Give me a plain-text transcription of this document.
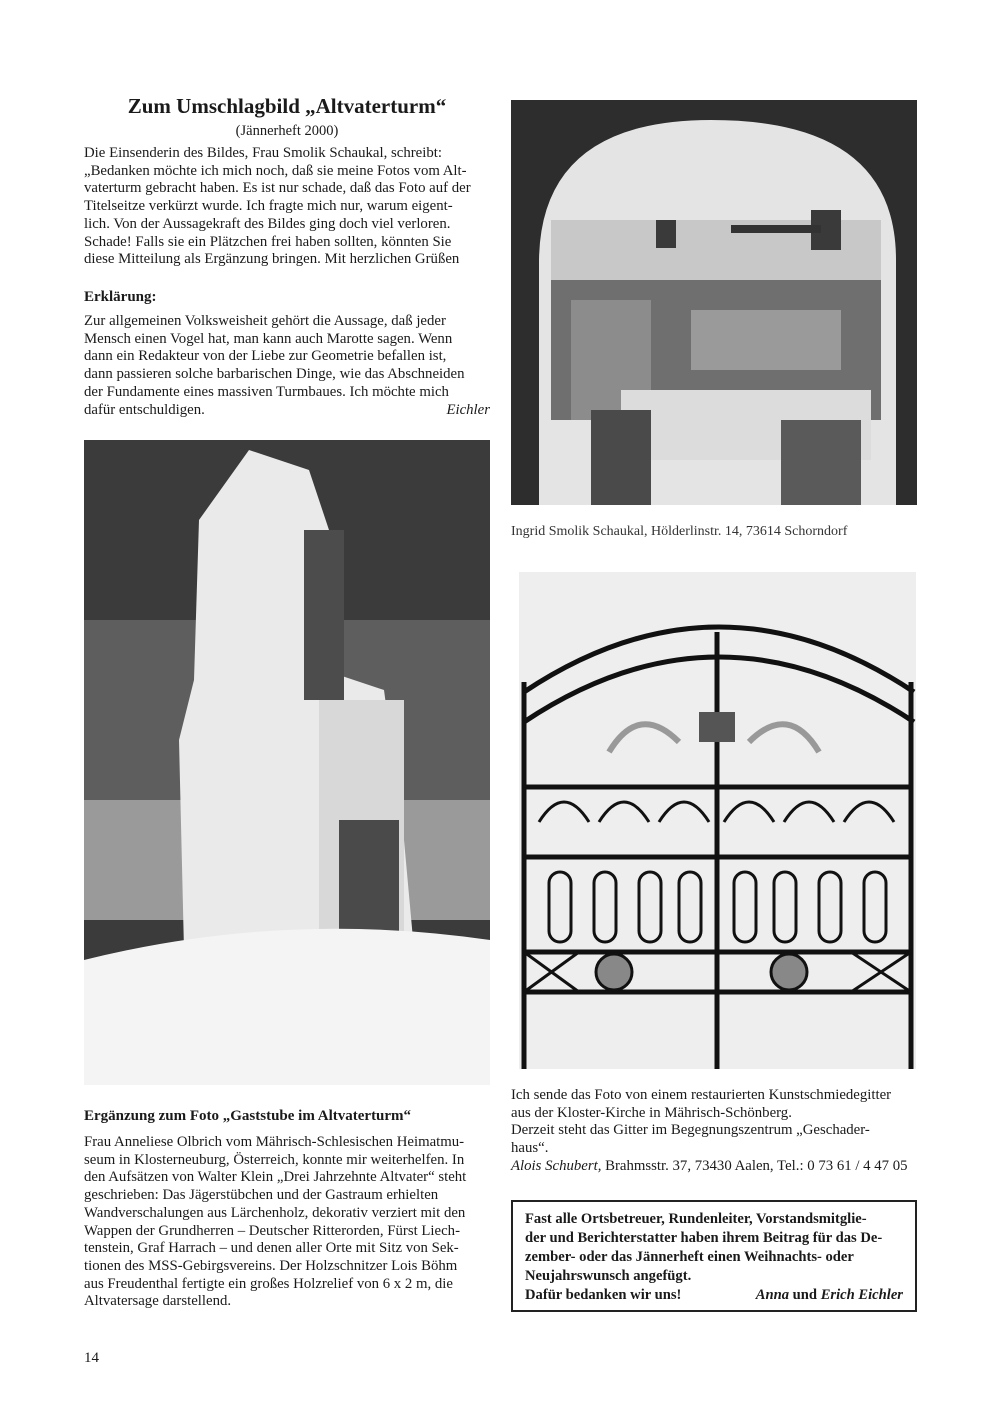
Zum Umschlagbild „Altvaterturm“
(Jännerheft 2000)
Die Einsenderin des Bildes, Frau Smolik Schaukal, schreibt:
„Bedanken möchte ich mich noch, daß sie meine Fotos vom Alt-
vaterturm gebracht haben. Es ist nur schade, daß das Foto auf der
Titelseitze verkürzt wurde. Ich fragte mich nur, warum eigent-
lich. Von der Aussagekraft des Bildes ging doch viel verloren.
Schade! Falls sie ein Plätzchen frei haben sollten, könnten Sie
diese Mitteilung als Ergänzung bringen. Mit herzlichen Grüßen
Erklärung:
Zur allgemeinen Volksweisheit gehört die Aussage, daß jeder
Mensch einen Vogel hat, man kann auch Marotte sagen. Wenn
dann ein Redakteur von der Liebe zur Geometrie befallen ist,
dann passieren solche barbarischen Dinge, wie das Abschneiden
der Fundamente eines massiven Turmbaues. Ich möchte mich
dafür entschuldigen.	Eichler
Ingrid Smolik Schaukal, Hölderlinstr. 14, 73614 Schorndorf
Ergänzung zum Foto „Gaststube im Altvaterturm“
Frau Anneliese Olbrich vom Mährisch-Schlesischen Heimatmu-
seum in Klosterneuburg, Österreich, konnte mir weiterhelfen. In
den Aufsätzen von Walter Klein „Drei Jahrzehnte Altvater“ steht
geschrieben: Das Jägerstübchen und der Gastraum erhielten
Wandverschalungen aus Lärchenholz, dekorativ verziert mit den
Wappen der Grundherren – Deutscher Ritterorden, Fürst Liech-
tenstein, Graf Harrach – und denen aller Orte mit Sitz von Sek-
tionen des MSS-Gebirgsvereins. Der Holzschnitzer Lois Böhm
aus Freudenthal fertigte ein großes Holzrelief von 6 x 2 m, die
Altvatersage darstellend.
Ich sende das Foto von einem restaurierten Kunstschmiedegitter
aus der Kloster-Kirche in Mährisch-Schönberg.
Derzeit steht das Gitter im Begegnungszentrum „Geschader-
haus“.
Alois Schubert, Brahmsstr. 37, 73430 Aalen, Tel.: 0 73 61 / 4 47 05
Fast alle Ortsbetreuer, Rundenleiter, Vorstandsmitglie-
der und Berichterstatter haben ihrem Beitrag für das De-
zember- oder das Jännerheft einen Weihnachts- oder
Neujahrswunsch angefügt.
Dafür bedanken wir uns!	Anna und Erich Eichler
14
